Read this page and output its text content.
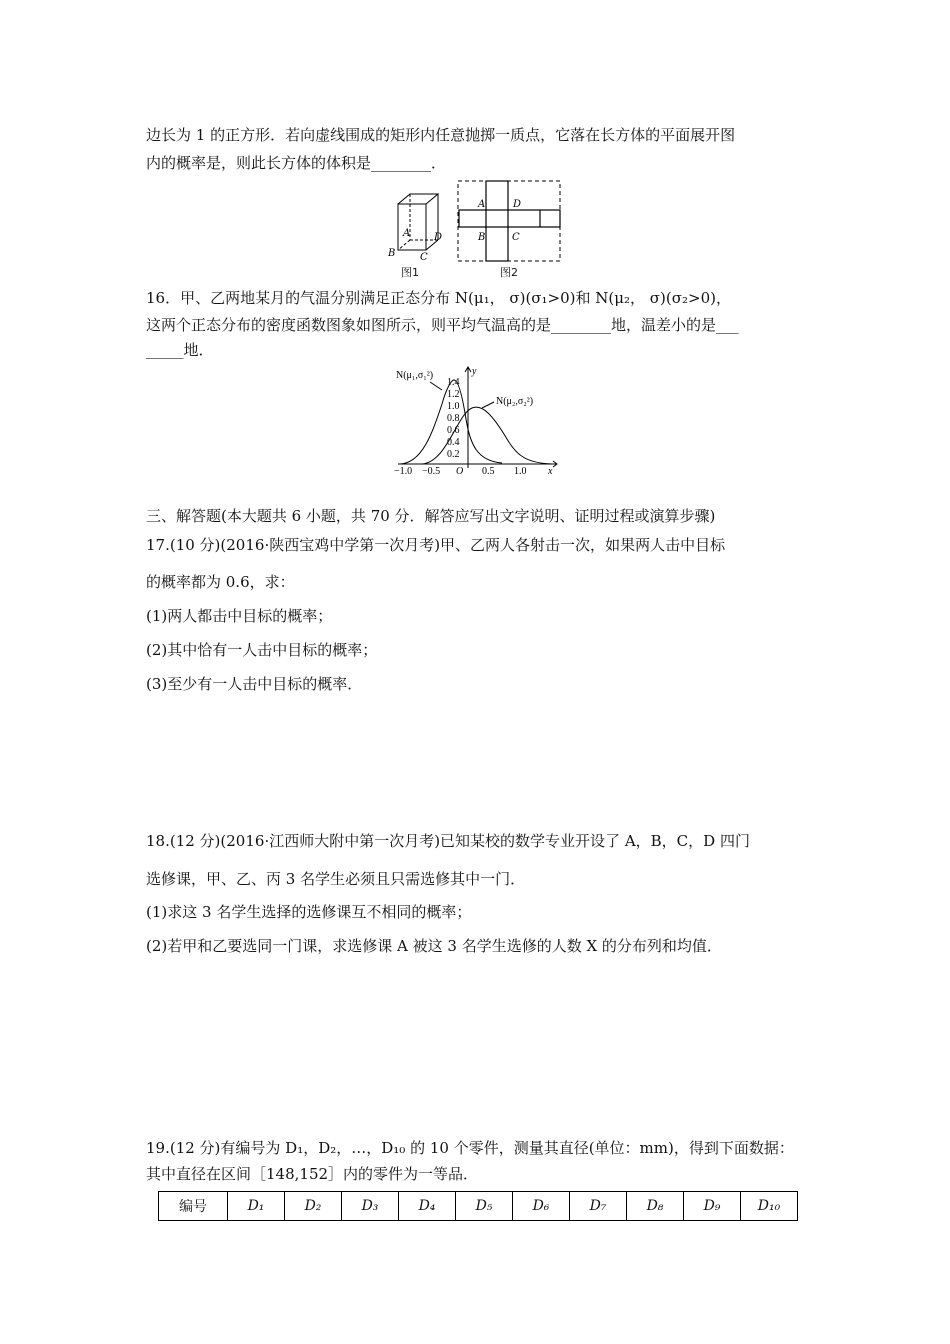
边长为 1 的正方形．若向虚线围成的矩形内任意抛掷一质点，它落在长方体的平面展开图
内的概率是，则此长方体的体积是________．
A
B C
D
图1
A	D
B	C
图2
16．甲、乙两地某月的气温分别满足正态分布 N(μ₁， σ)(σ₁>0)和 N(μ₂， σ)(σ₂>0)，
这两个正态分布的密度函数图象如图所示，则平均气温高的是________地，温差小的是___
_____地．
N(μ₁,σ₁²)
N(μ₂,σ₂²)
y
x
O
1.4
1.2
1.0
0.8
0.6
0.4
0.2
−1.0 −0.5	0.5 1.0
三、解答题(本大题共 6 小题，共 70 分．解答应写出文字说明、证明过程或演算步骤)
17.(10 分)(2016·陕西宝鸡中学第一次月考)甲、乙两人各射击一次，如果两人击中目标
的概率都为 0.6，求：
(1)两人都击中目标的概率；
(2)其中恰有一人击中目标的概率；
(3)至少有一人击中目标的概率．
18.(12 分)(2016·江西师大附中第一次月考)已知某校的数学专业开设了 A，B，C，D 四门
选修课，甲、乙、丙 3 名学生必须且只需选修其中一门．
(1)求这 3 名学生选择的选修课互不相同的概率；
(2)若甲和乙要选同一门课，求选修课 A 被这 3 名学生选修的人数 X 的分布列和均值．
19.(12 分)有编号为 D₁，D₂，…，D₁₀ 的 10 个零件，测量其直径(单位：mm)，得到下面数据：
其中直径在区间［148,152］内的零件为一等品．
编号	D₁	D₂	D₃	D₄	D₅	D₆	D₇	D₈	D₉	D₁₀
